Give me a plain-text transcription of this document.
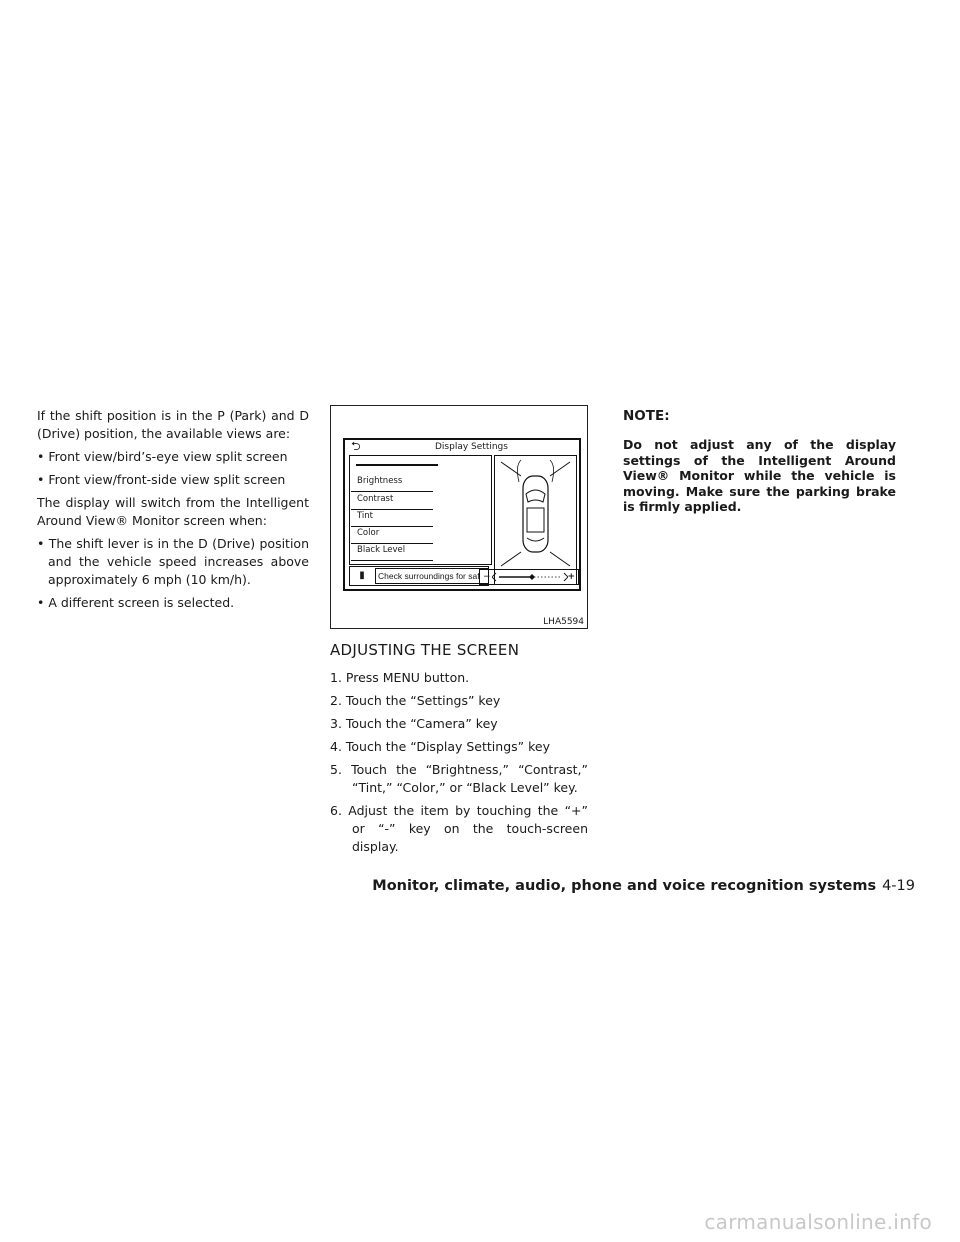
If the shift position is in the P (Park) and D (Drive) position, the available views are:

• Front view/bird’s-eye view split screen

• Front view/front-side view split screen

The display will switch from the Intelligent Around View® Monitor screen when:

• The shift lever is in the D (Drive) position and the vehicle speed increases above approximately 6 mph (10 km/h).

• A different screen is selected.

⮌	Display Settings
Brightness
Contrast
Tint
Color
Black Level
▮	Check surroundings for saf −	+
LHA5594
ADJUSTING THE SCREEN

1. Press MENU button.

2. Touch the “Settings” key

3. Touch the “Camera” key

4. Touch the “Display Settings” key

5. Touch the “Brightness,” “Contrast,” “Tint,” “Color,” or “Black Level” key.

6. Adjust the item by touching the “+” or “-” key on the touch-screen display.

NOTE:

Do not adjust any of the display settings of the Intelligent Around View® Monitor while the vehicle is moving. Make sure the parking brake is firmly applied.

Monitor, climate, audio, phone and voice recognition systems 4-19
carmanualsonline.info
